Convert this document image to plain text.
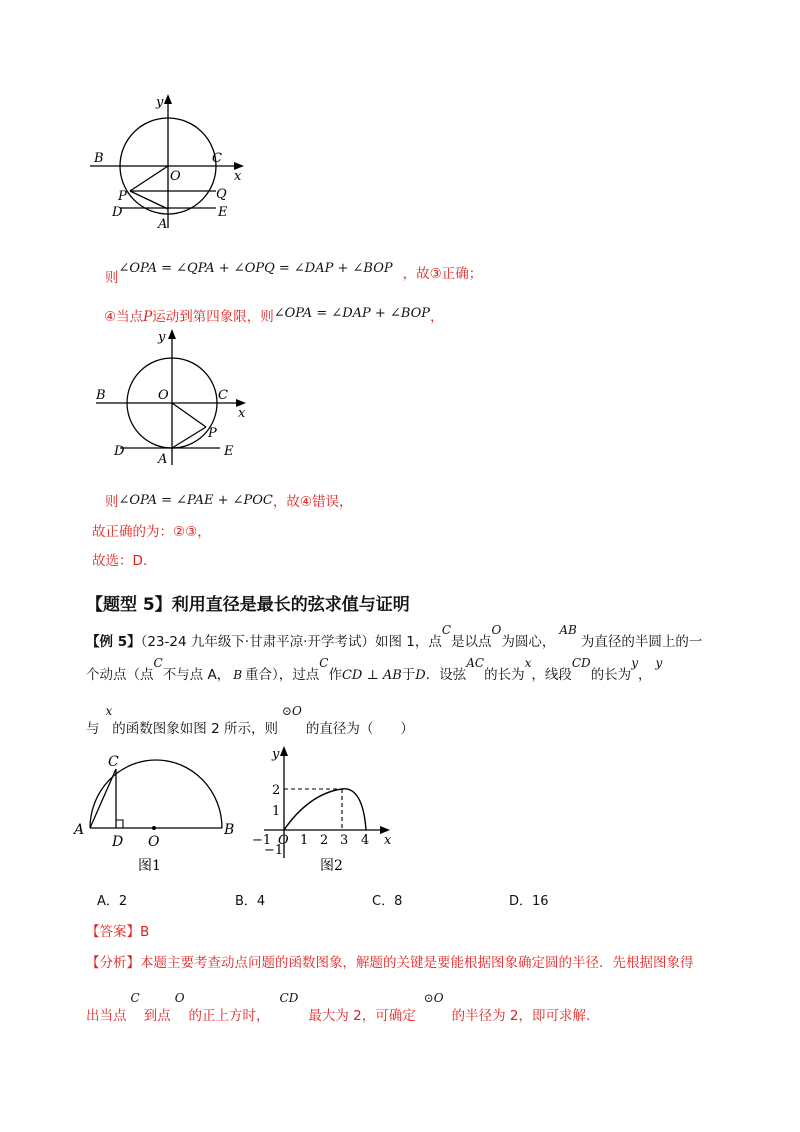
y
x
B	C
O
P	Q
D	E
A
则∠OPA = ∠QPA + ∠OPQ = ∠DAP + ∠BOP ，故③正确；
④当点P运动到第四象限，则∠OPA = ∠DAP + ∠BOP，
y
x
B	O	C
P
D	E
A
则∠OPA = ∠PAE + ∠POC，故④错误，
故正确的为：②③，
故选：D.
【题型 5】利用直径是最长的弦求值与证明
【例 5】（23-24 九年级下·甘肃平凉·开学考试）如图 1，点C是以点O为圆心，AB为直径的半圆上的一
个动点（点C不与点 A， B 重合），过点C作CD ⊥ AB于D．设弦AC的长为x，线段CD的长为y，y
与x的函数图象如图 2 所示，则⊙O的直径为（　　）
C
A
D O
B
图1
y
x
2
1
−1
−1 O 1 2 3 4
图2
A．2	B．4	C．8	D．16
【答案】B
【分析】本题主要考查动点问题的函数图象，解题的关键是要能根据图象确定圆的半径．先根据图象得
出当点C到点O的正上方时，CD最大为 2，可确定⊙O的半径为 2，即可求解．
